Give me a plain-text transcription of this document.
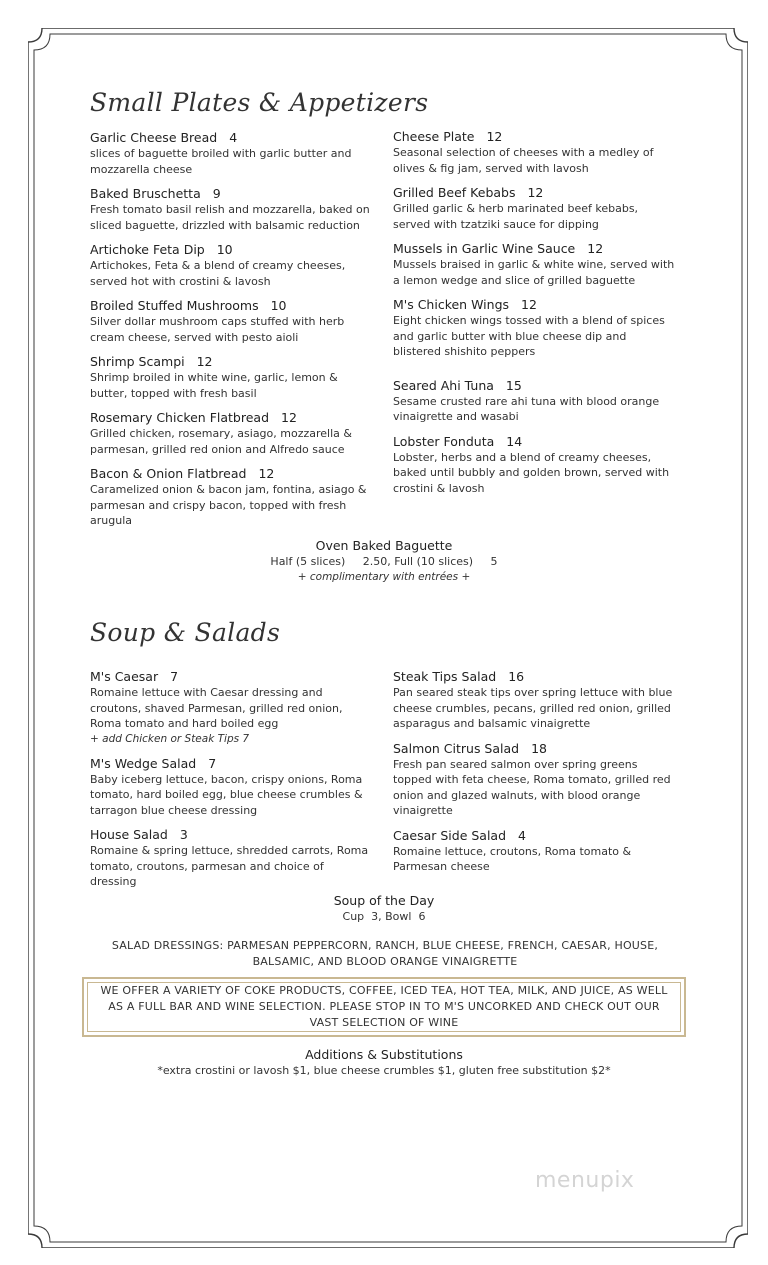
Small Plates & Appetizers
Garlic Cheese Bread 4
slices of baguette broiled with garlic butter and mozzarella cheese
Baked Bruschetta 9
Fresh tomato basil relish and mozzarella, baked on sliced baguette, drizzled with balsamic reduction
Artichoke Feta Dip 10
Artichokes, Feta & a blend of creamy cheeses, served hot with crostini & lavosh
Broiled Stuffed Mushrooms 10
Silver dollar mushroom caps stuffed with herb cream cheese, served with pesto aioli
Shrimp Scampi 12
Shrimp broiled in white wine, garlic, lemon & butter, topped with fresh basil
Rosemary Chicken Flatbread 12
Grilled chicken, rosemary, asiago, mozzarella & parmesan, grilled red onion and Alfredo sauce
Bacon & Onion Flatbread 12
Caramelized onion & bacon jam, fontina, asiago & parmesan and crispy bacon, topped with fresh arugula
Cheese Plate 12
Seasonal selection of cheeses with a medley of olives & fig jam, served with lavosh
Grilled Beef Kebabs 12
Grilled garlic & herb marinated beef kebabs, served with tzatziki sauce for dipping
Mussels in Garlic Wine Sauce 12
Mussels braised in garlic & white wine, served with a lemon wedge and slice of grilled baguette
M's Chicken Wings 12
Eight chicken wings tossed with a blend of spices and garlic butter with blue cheese dip and blistered shishito peppers
Seared Ahi Tuna 15
Sesame crusted rare ahi tuna with blood orange vinaigrette and wasabi
Lobster Fonduta 14
Lobster, herbs and a blend of creamy cheeses, baked until bubbly and golden brown, served with crostini & lavosh
Oven Baked Baguette
Half (5 slices)     2.50, Full (10 slices)     5
+ complimentary with entrées +
Soup & Salads
M's Caesar 7
Romaine lettuce with Caesar dressing and croutons, shaved Parmesan, grilled red onion, Roma tomato and hard boiled egg
+ add Chicken or Steak Tips 7
M's Wedge Salad 7
Baby iceberg lettuce, bacon, crispy onions, Roma tomato, hard boiled egg, blue cheese crumbles & tarragon blue cheese dressing
House Salad 3
Romaine & spring lettuce, shredded carrots, Roma tomato, croutons, parmesan and choice of dressing
Steak Tips Salad 16
Pan seared steak tips over spring lettuce with blue cheese crumbles, pecans, grilled red onion, grilled asparagus and balsamic vinaigrette
Salmon Citrus Salad 18
Fresh pan seared salmon over spring greens topped with feta cheese, Roma tomato, grilled red onion and glazed walnuts, with blood orange vinaigrette
Caesar Side Salad 4
Romaine lettuce, croutons, Roma tomato & Parmesan cheese
Soup of the Day
Cup  3, Bowl  6
SALAD DRESSINGS: PARMESAN PEPPERCORN, RANCH, BLUE CHEESE, FRENCH, CAESAR, HOUSE, BALSAMIC, AND BLOOD ORANGE VINAIGRETTE
WE OFFER A VARIETY OF COKE PRODUCTS, COFFEE, ICED TEA, HOT TEA, MILK, AND JUICE, AS WELL AS A FULL BAR AND WINE SELECTION. PLEASE STOP IN TO M'S UNCORKED AND CHECK OUT OUR VAST SELECTION OF WINE
Additions & Substitutions
*extra crostini or lavosh $1, blue cheese crumbles $1, gluten free substitution $2*
menupix
